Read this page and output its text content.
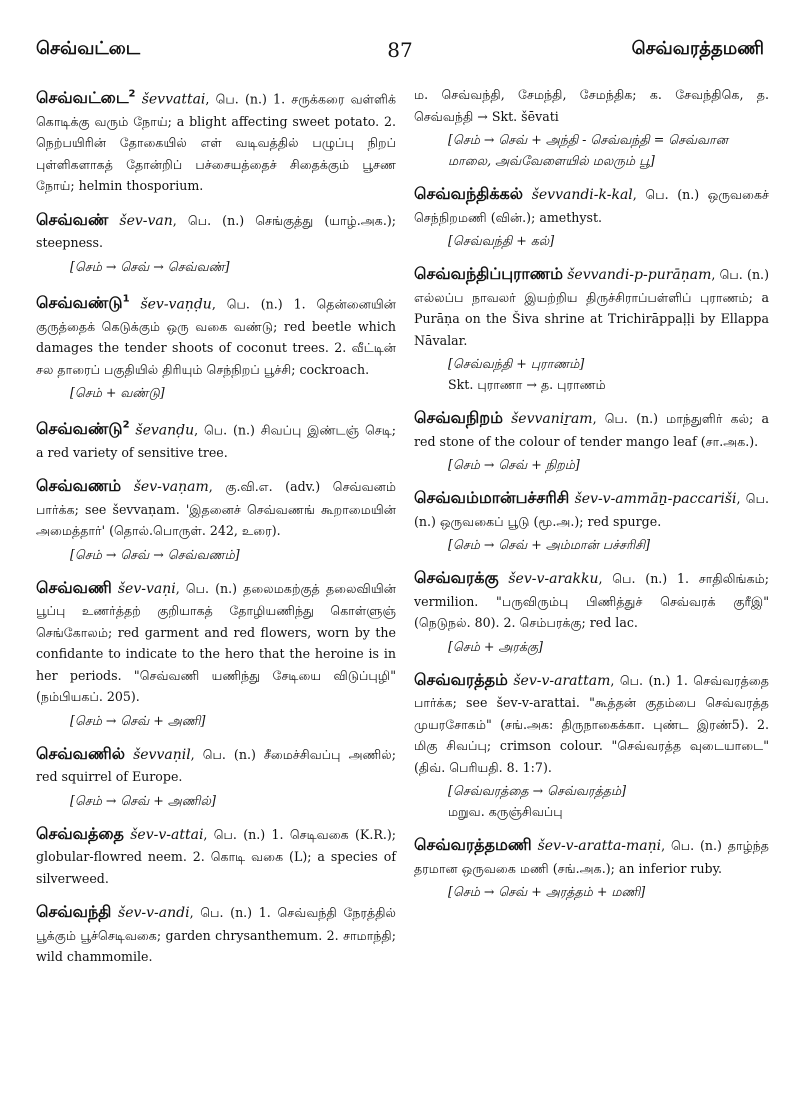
செவ்வட்டை	87	செவ்வரத்தமணி
செவ்வட்டை$^2$ ševvattai, பெ. (n.) 1. சருக்கரை வள்ளிக் கொடிக்கு வரும் நோய்; a blight affecting sweet potato. 2. நெற்பயிரின் தோகையில் எள் வடிவத்தில் பழுப்பு நிறப் புள்ளிகளாகத் தோன்றிப் பச்சையத்தைச் சிதைக்கும் பூசண நோய்; helmin thosporium.
செவ்வண் šev-van, பெ. (n.) செங்குத்து (யாழ்.அக.); steepness.
[செம் → செவ் → செவ்வண்]
செவ்வண்டு$^1$ šev-vaṇḍu, பெ. (n.) 1. தென்னையின் குருத்தைக் கெடுக்கும் ஒரு வகை வண்டு; red beetle which damages the tender shoots of coconut trees. 2. வீட்டின் சல தாரைப் பகுதியில் திரியும் செந்நிறப் பூச்சி; cockroach.
[செம் + வண்டு]
செவ்வண்டு$^2$ ševanḍu, பெ. (n.) சிவப்பு இண்டஞ் செடி; a red variety of sensitive tree.
செவ்வணம் šev-vaṇam, கு.வி.எ. (adv.) செவ்வனம் பார்க்க; see ševvaṇam. 'இதனைச் செவ்வணங் கூறாமையின் அமைத்தார்' (தொல்.பொருள். 242, உரை).
[செம் → செவ் → செவ்வணம்]
செவ்வணி šev-vaṇi, பெ. (n.) தலைமகற்குத் தலைவியின் பூப்பு உணர்த்தற் குறியாகத் தோழியணிந்து கொள்ளுஞ் செங்கோலம்; red garment and red flowers, worn by the confidante to indicate to the hero that the heroine is in her periods. "செவ்வணி யணிந்து சேடியை விடுப்புழி" (நம்பியகப். 205).
[செம் → செவ் + அணி]
செவ்வணில் ševvaṇil, பெ. (n.) சீமைச்சிவப்பு அணில்; red squirrel of Europe.
[செம் → செவ் + அணில்]
செவ்வத்தை šev-v-attai, பெ. (n.) 1. செடிவகை (K.R.); globular-flowred neem. 2. கொடி வகை (L); a species of silverweed.
செவ்வந்தி šev-v-andi, பெ. (n.) 1. செவ்வந்தி நேரத்தில் பூக்கும் பூச்செடிவகை; garden chrysanthemum. 2. சாமாந்தி; wild chammomile.
ம. செவ்வந்தி, சேமந்தி, சேமந்திக; க. சேவந்திகெ, த. செவ்வந்தி → Skt. šēvati
[செம் → செவ் + அந்தி - செவ்வந்தி = செவ்வான மாலை, அவ்வேளையில் மலரும் பூ]
செவ்வந்திக்கல் ševvandi-k-kal, பெ. (n.) ஒருவகைச் செந்நிறமணி (வின்.); amethyst.
[செவ்வந்தி + கல்]
செவ்வந்திப்புராணம் ševvandi-p-purāṇam, பெ. (n.) எல்லப்ப நாவலர் இயற்றிய திருச்சிராப்பள்ளிப் புராணம்; a Purāṇa on the Šiva shrine at Trichirāppaḷḷi by Ellappa Nāvalar.
[செவ்வந்தி + புராணம்]
Skt. புராணா → த. புராணம்
செவ்வநிறம் ševvaniṟam, பெ. (n.) மாந்துளிர் கல்; a red stone of the colour of tender mango leaf (சா.அக.).
[செம் → செவ் + நிறம்]
செவ்வம்மான்பச்சரிசி šev-v-ammāṉ-paccariši, பெ. (n.) ஒருவகைப் பூடு (மூ.அ.); red spurge.
[செம் → செவ் + அம்மான் பச்சரிசி]
செவ்வரக்கு šev-v-arakku, பெ. (n.) 1. சாதிலிங்கம்; vermilion. "பருவிரும்பு பிணித்துச் செவ்வரக் குரீஇ" (நெடுநல். 80). 2. செம்பரக்கு; red lac.
[செம் + அரக்கு]
செவ்வரத்தம் šev-v-arattam, பெ. (n.) 1. செவ்வரத்தை பார்க்க; see šev-v-arattai. "கூத்தன் குதம்பை செவ்வரத்த முயரசோகம்" (சங்.அக: திருநாகைக்கா. புண்ட இரண்5). 2. மிகு சிவப்பு; crimson colour. "செவ்வரத்த வுடையாடை" (திவ். பெரியதி. 8. 1:7).
[செவ்வரத்தை → செவ்வரத்தம்]
மறுவ. கருஞ்சிவப்பு
செவ்வரத்தமணி šev-v-aratta-maṇi, பெ. (n.) தாழ்ந்த தரமான ஒருவகை மணி (சங்.அக.); an inferior ruby.
[செம் → செவ் + அரத்தம் + மணி]
